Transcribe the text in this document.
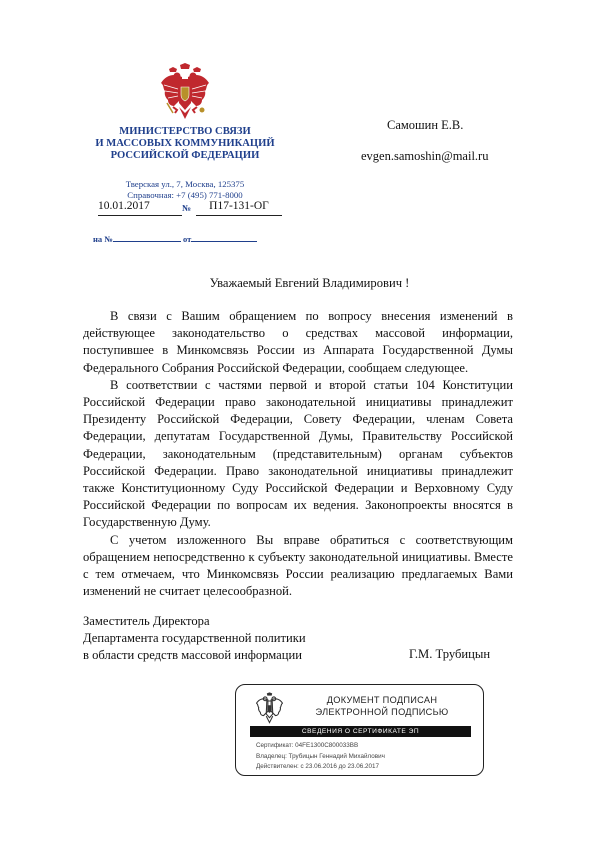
МИНИСТЕРСТВО СВЯЗИ
И МАССОВЫХ КОММУНИКАЦИЙ
РОССИЙСКОЙ ФЕДЕРАЦИИ
Тверская ул., 7, Москва, 125375
Справочная: +7 (495) 771-8000
10.01.2017	№	П17-131-ОГ
на №	от
Самошин Е.В.
evgen.samoshin@mail.ru
Уважаемый Евгений Владимирович !

В связи с Вашим обращением по вопросу внесения изменений в действующее законодательство о средствах массовой информации, поступившее в Минкомсвязь России из Аппарата Государственной Думы Федерального Собрания Российской Федерации, сообщаем следующее.

В соответствии с частями первой и второй статьи 104 Конституции Российской Федерации право законодательной инициативы принадлежит Президенту Российской Федерации, Совету Федерации, членам Совета Федерации, депутатам Государственной Думы, Правительству Российской Федерации, законодательным (представительным) органам субъектов Российской Федерации. Право законодательной инициативы принадлежит также Конституционному Суду Российской Федерации и Верховному Суду Российской Федерации по вопросам их ведения. Законопроекты вносятся в Государственную Думу.

С учетом изложенного Вы вправе обратиться с соответствующим обращением непосредственно к субъекту законодательной инициативы. Вместе с тем отмечаем, что Минкомсвязь России реализацию предлагаемых Вами изменений не считает целесообразной.

Заместитель Директора
Департамента государственной политики
в области средств массовой информации	Г.М. Трубицын
ДОКУМЕНТ ПОДПИСАН
ЭЛЕКТРОННОЙ ПОДПИСЬЮ
СВЕДЕНИЯ О СЕРТИФИКАТЕ ЭП
Сертификат: 04FE1300C800033BB
Владелец: Трубицын Геннадий Михайлович
Действителен: с 23.06.2016 до 23.06.2017
